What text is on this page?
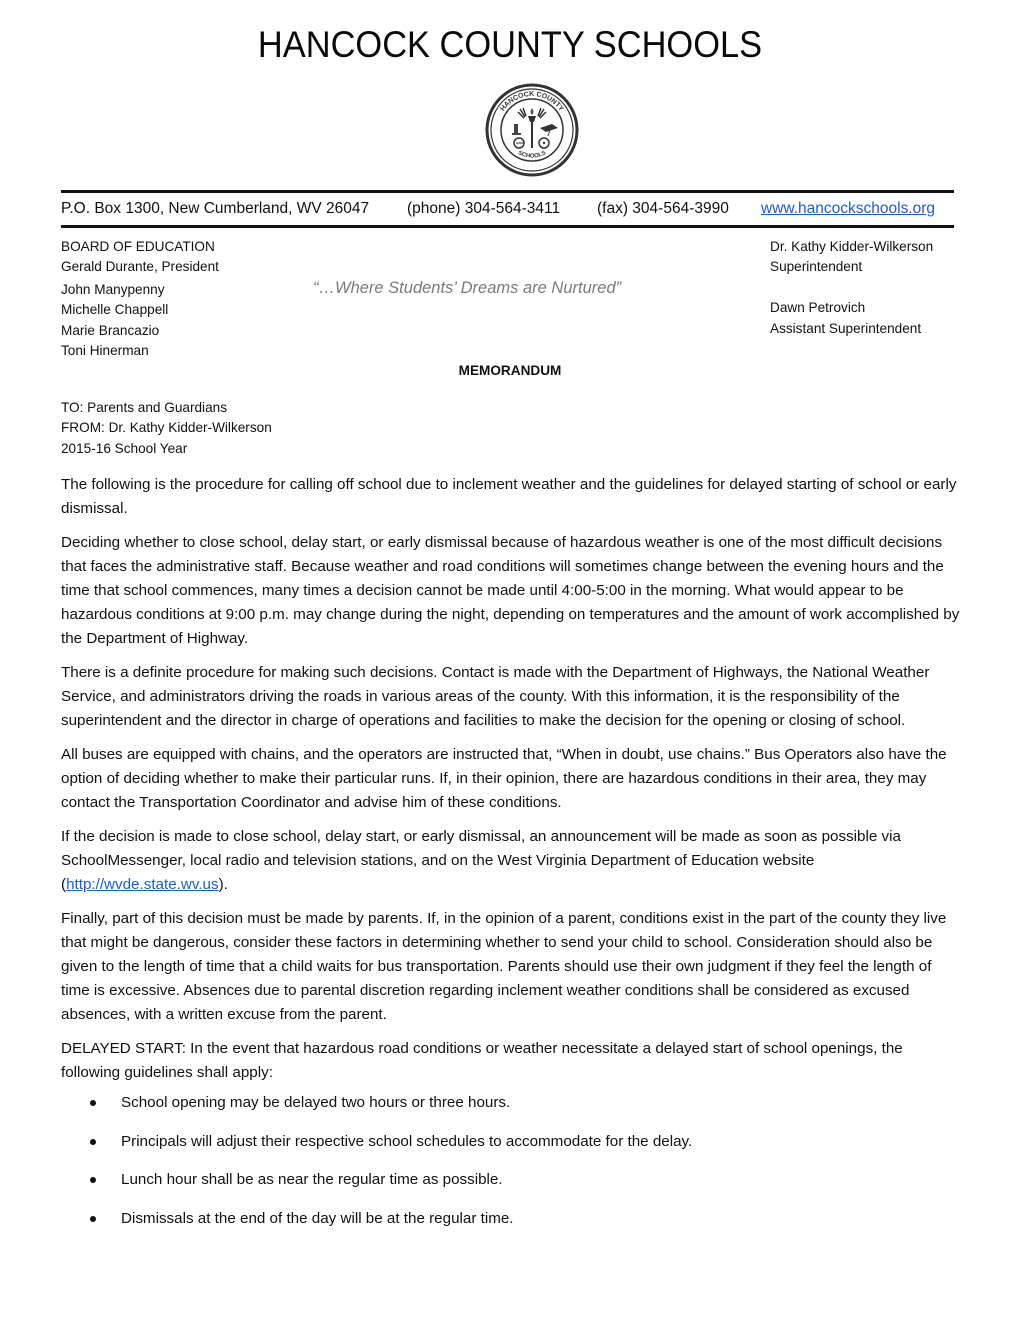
HANCOCK COUNTY SCHOOLS
HANCOCK COUNTY
SCHOOLS
P.O. Box 1300, New Cumberland, WV 26047 (phone) 304-564-3411 (fax) 304-564-3990 www.hancockschools.org
BOARD OF EDUCATION
Gerald Durante, President
John Manypenny
Michelle Chappell
Marie Brancazio
Toni Hinerman
“…Where Students’ Dreams are Nurtured”
Dr. Kathy Kidder-Wilkerson
Superintendent
Dawn Petrovich
Assistant Superintendent
MEMORANDUM
TO: Parents and Guardians
FROM: Dr. Kathy Kidder-Wilkerson
2015-16 School Year

The following is the procedure for calling off school due to inclement weather and the guidelines for delayed starting of school or early dismissal.

Deciding whether to close school, delay start, or early dismissal because of hazardous weather is one of the most difficult decisions that faces the administrative staff. Because weather and road conditions will sometimes change between the evening hours and the time that school commences, many times a decision cannot be made until 4:00-5:00 in the morning. What would appear to be hazardous conditions at 9:00 p.m. may change during the night, depending on temperatures and the amount of work accomplished by the Department of Highway.

There is a definite procedure for making such decisions. Contact is made with the Department of Highways, the National Weather Service, and administrators driving the roads in various areas of the county. With this information, it is the responsibility of the superintendent and the director in charge of operations and facilities to make the decision for the opening or closing of school.

All buses are equipped with chains, and the operators are instructed that, “When in doubt, use chains.” Bus Operators also have the option of deciding whether to make their particular runs. If, in their opinion, there are hazardous conditions in their area, they may contact the Transportation Coordinator and advise him of these conditions.

If the decision is made to close school, delay start, or early dismissal, an announcement will be made as soon as possible via SchoolMessenger, local radio and television stations, and on the West Virginia Department of Education website (http://wvde.state.wv.us).

Finally, part of this decision must be made by parents. If, in the opinion of a parent, conditions exist in the part of the county they live that might be dangerous, consider these factors in determining whether to send your child to school. Consideration should also be given to the length of time that a child waits for bus transportation. Parents should use their own judgment if they feel the length of time is excessive. Absences due to parental discretion regarding inclement weather conditions shall be considered as excused absences, with a written excuse from the parent.

DELAYED START: In the event that hazardous road conditions or weather necessitate a delayed start of school openings, the following guidelines shall apply:

School opening may be delayed two hours or three hours.
Principals will adjust their respective school schedules to accommodate for the delay.
Lunch hour shall be as near the regular time as possible.
Dismissals at the end of the day will be at the regular time.
